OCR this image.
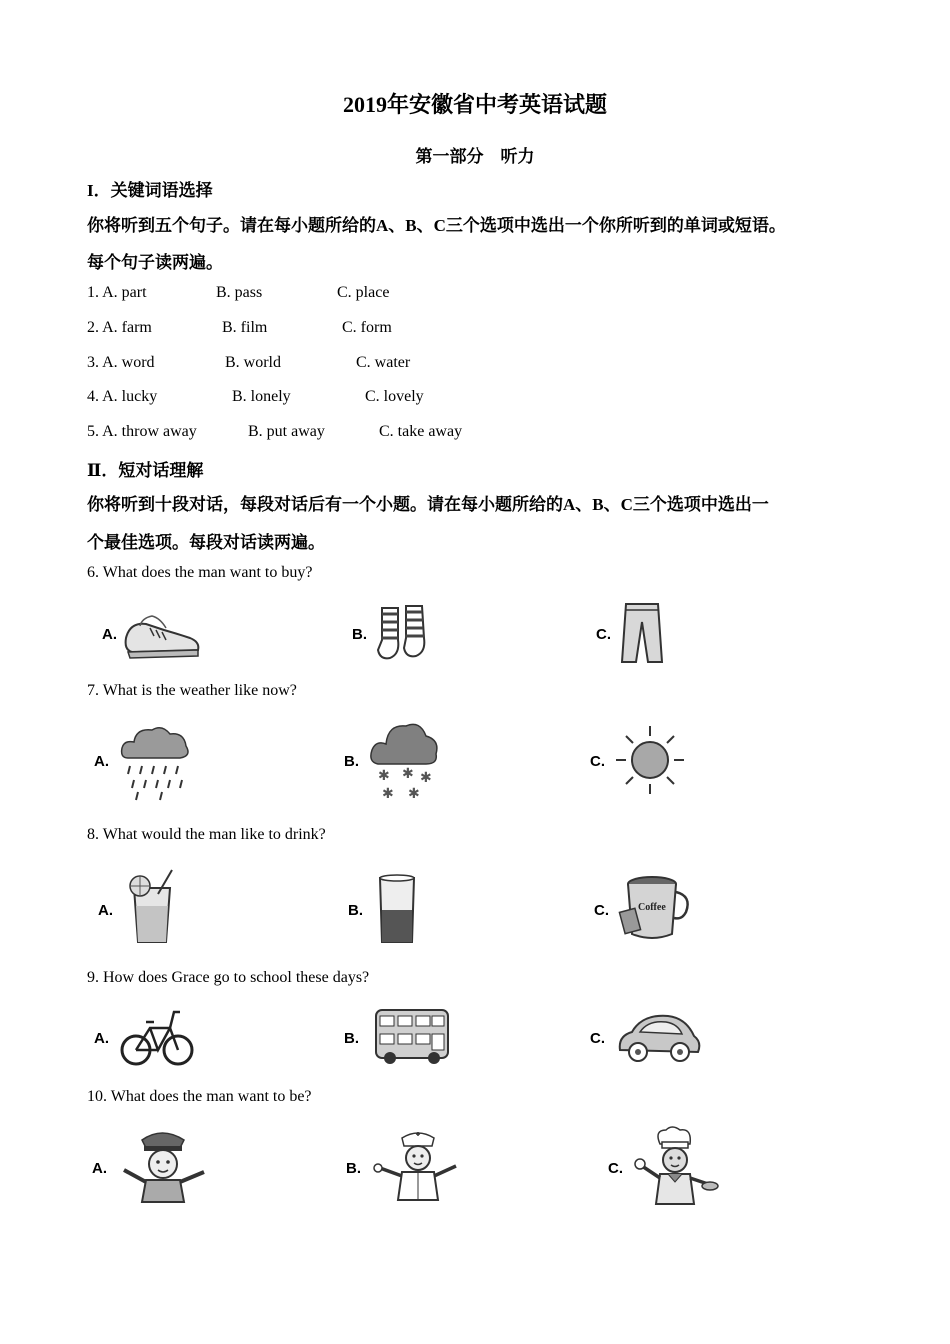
2019年安徽省中考英语试题
第一部分　听力
I．关键词语选择
你将听到五个句子。请在每小题所给的A、B、C三个选项中选出一个你所听到的单词或短语。
每个句子读两遍。
1. A. part	B. pass	C. place
2. A. farm	B. film	C. form
3. A. word	B. world	C. water
4. A. lucky	B. lonely	C. lovely
5. A. throw away	B. put away	C. take away
Ⅱ．短对话理解
你将听到十段对话，每段对话后有一个小题。请在每小题所给的A、B、C三个选项中选出一
个最佳选项。每段对话读两遍。
6. What does the man want to buy?
A.	B.	C.
7. What is the weather like now?
A.	B.
✱ ✱ ✱
✱ ✱
C.
8. What would the man like to drink?
A.	B.	C.	Coffee
9. How does Grace go to school these days?
A.	B.	C.
10. What does the man want to be?
A.	B.	C.
